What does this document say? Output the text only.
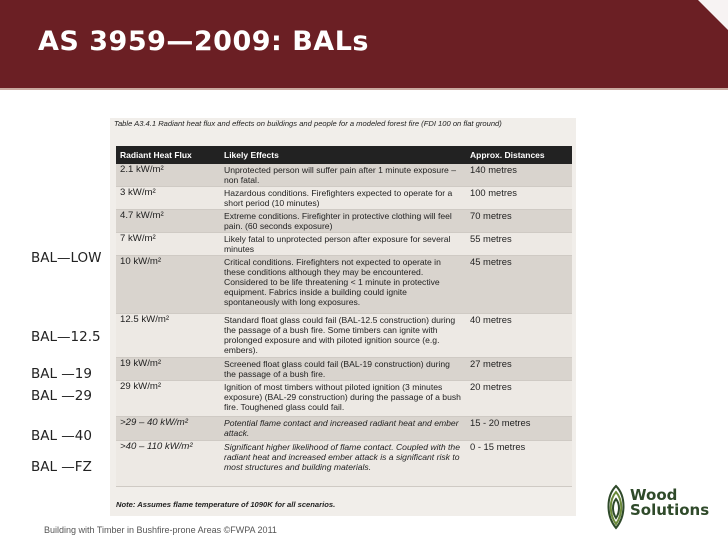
AS 3959—2009: BALs
Table A3.4.1 Radiant heat flux and effects on buildings and people for a modeled forest fire (FDI 100 on flat ground)
Radiant Heat Flux	Likely Effects	Approx. Distances
2.1 kW/m²	Unprotected person will suffer pain after 1 minute exposure – non fatal.	140 metres
3 kW/m²	Hazardous conditions. Firefighters expected to operate for a short period (10 minutes)	100 metres
4.7 kW/m²	Extreme conditions. Firefighter in protective clothing will feel pain. (60 seconds exposure)	70 metres
7 kW/m²	Likely fatal to unprotected person after exposure for several minutes	55 metres
10 kW/m²	Critical conditions. Firefighters not expected to operate in these conditions although they may be encountered. Considered to be life threatening < 1 minute in protective equipment. Fabrics inside a building could ignite spontaneously with long exposures.	45 metres
12.5 kW/m²	Standard float glass could fail (BAL-12.5 construction) during the passage of a bush fire. Some timbers can ignite with prolonged exposure and with piloted ignition source (e.g. embers).	40 metres
19 kW/m²	Screened float glass could fail (BAL-19 construction) during the passage of a bush fire.	27 metres
29 kW/m²	Ignition of most timbers without piloted ignition (3 minutes exposure) (BAL-29 construction) during the passage of a bush fire. Toughened glass could fail.	20 metres
>29 – 40 kW/m²	Potential flame contact and increased radiant heat and ember attack.	15 - 20 metres
>40 – 110 kW/m²	Significant higher likelihood of flame contact. Coupled with the radiant heat and increased ember attack is a significant risk to most structures and building materials.	0 - 15 metres
Note: Assumes flame temperature of 1090K for all scenarios.
BAL—LOW
BAL—12.5
BAL —19
BAL —29
BAL —40
BAL —FZ
Building with Timber in Bushfire-prone Areas ©FWPA 2011
Wood
Solutions
